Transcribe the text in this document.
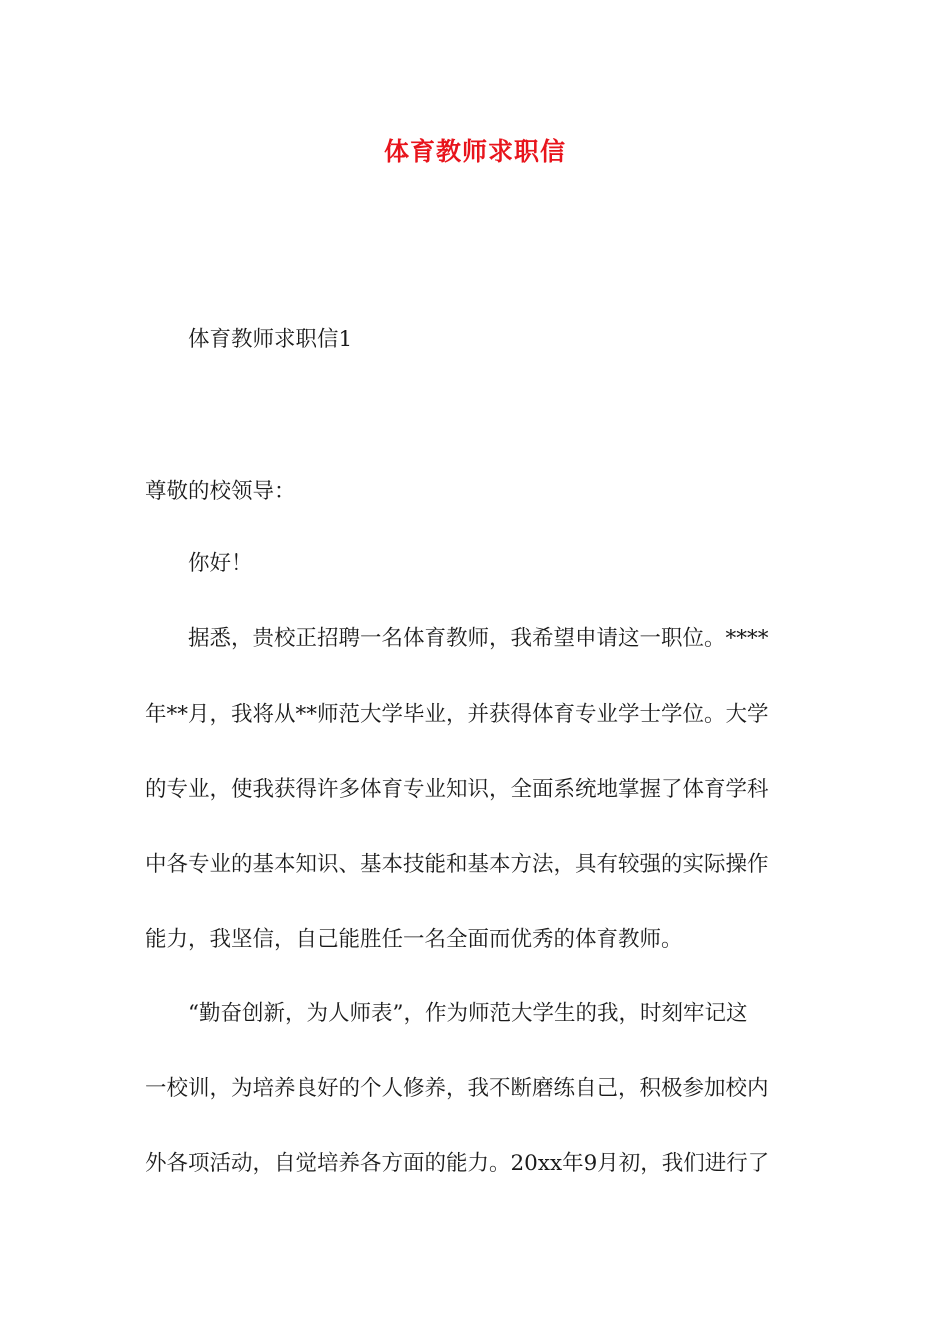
体育教师求职信
体育教师求职信1
尊敬的校领导：
你好！
据悉，贵校正招聘一名体育教师，我希望申请这一职位。****
年**月，我将从**师范大学毕业，并获得体育专业学士学位。大学
的专业，使我获得许多体育专业知识，全面系统地掌握了体育学科
中各专业的基本知识、基本技能和基本方法，具有较强的实际操作
能力，我坚信，自己能胜任一名全面而优秀的体育教师。
“勤奋创新，为人师表”，作为师范大学生的我，时刻牢记这
一校训，为培养良好的个人修养，我不断磨练自己，积极参加校内
外各项活动，自觉培养各方面的能力。20xx年9月初，我们进行了
